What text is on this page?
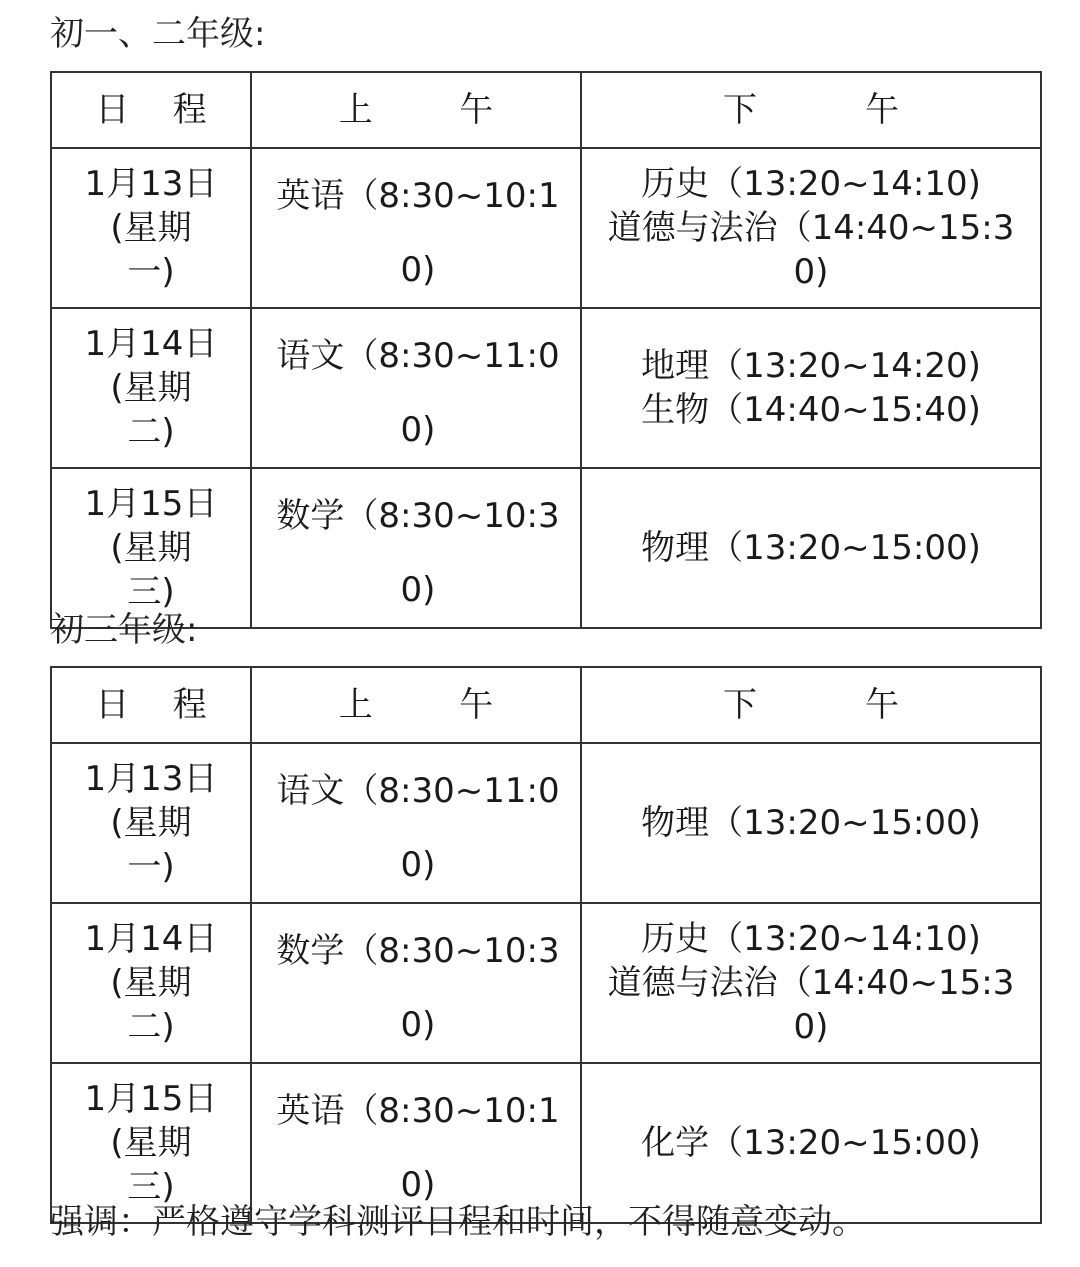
初一、二年级:
日    程	上        午	下          午

1月13日
(星期
一)	英语（8:30~10:10)	历史（13:20~14:10)
道德与法治（14:40~15:30)

1月14日
(星期
二)	语文（8:30~11:00)	地理（13:20~14:20)
生物（14:40~15:40)

1月15日
(星期
三)	数学（8:30~10:30)	物理（13:20~15:00)
初三年级:
日    程	上        午	下          午

1月13日
(星期
一)	语文（8:30~11:00)	物理（13:20~15:00)

1月14日
(星期
二)	数学（8:30~10:30)	历史（13:20~14:10)
道德与法治（14:40~15:30)

1月15日
(星期
三)	英语（8:30~10:10)	化学（13:20~15:00)
强调：严格遵守学科测评日程和时间，不得随意变动。
